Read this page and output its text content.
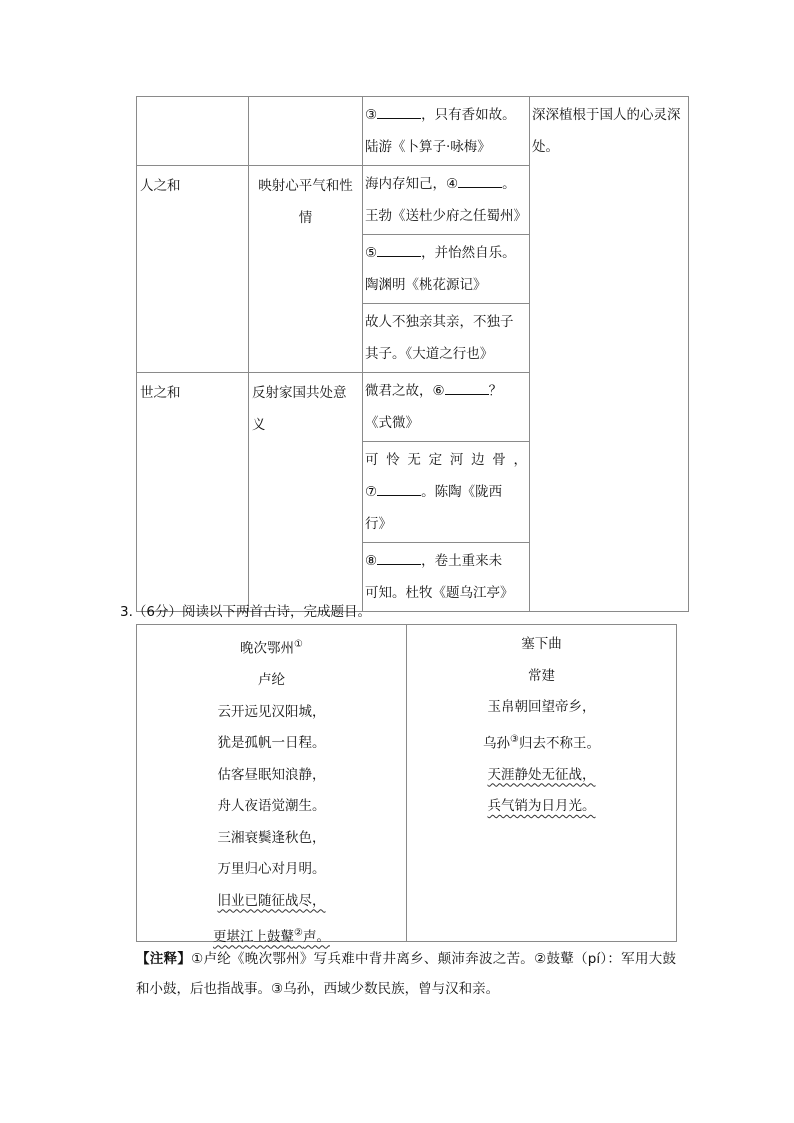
		③ ，只有香如故。
陆游《卜算子·咏梅》	深深植根于国人的心灵深处。

人之和	映射心平气和性情	海内存知己，④ 。
王勃《送杜少府之任蜀州》	

		⑤ ，并怡然自乐。
陶渊明《桃花源记》	

		故人不独亲其亲，不独子
其子。《大道之行也》	

世之和	反射家国共处意义	微君之故，⑥ ？
《式微》	

		可怜无定河边骨，
⑦ 。陈陶《陇西
行》	

		⑧ ，卷土重来未
可知。杜牧《题乌江亭》	
3.（6分）阅读以下两首古诗，完成题目。
晚次鄂州①
卢纶
云开远见汉阳城，
犹是孤帆一日程。
估客昼眠知浪静，
舟人夜语觉潮生。
三湘衰鬓逢秋色，
万里归心对月明。
旧业已随征战尽，
更堪江上鼓鼙②声。
塞下曲
常建
玉帛朝回望帝乡，
乌孙③归去不称王。
天涯静处无征战，
兵气销为日月光。
【注释】①卢纶《晚次鄂州》写兵难中背井离乡、颠沛奔波之苦。②鼓鼙（pí）：军用大鼓和小鼓，后也指战事。③乌孙，西域少数民族，曾与汉和亲。
